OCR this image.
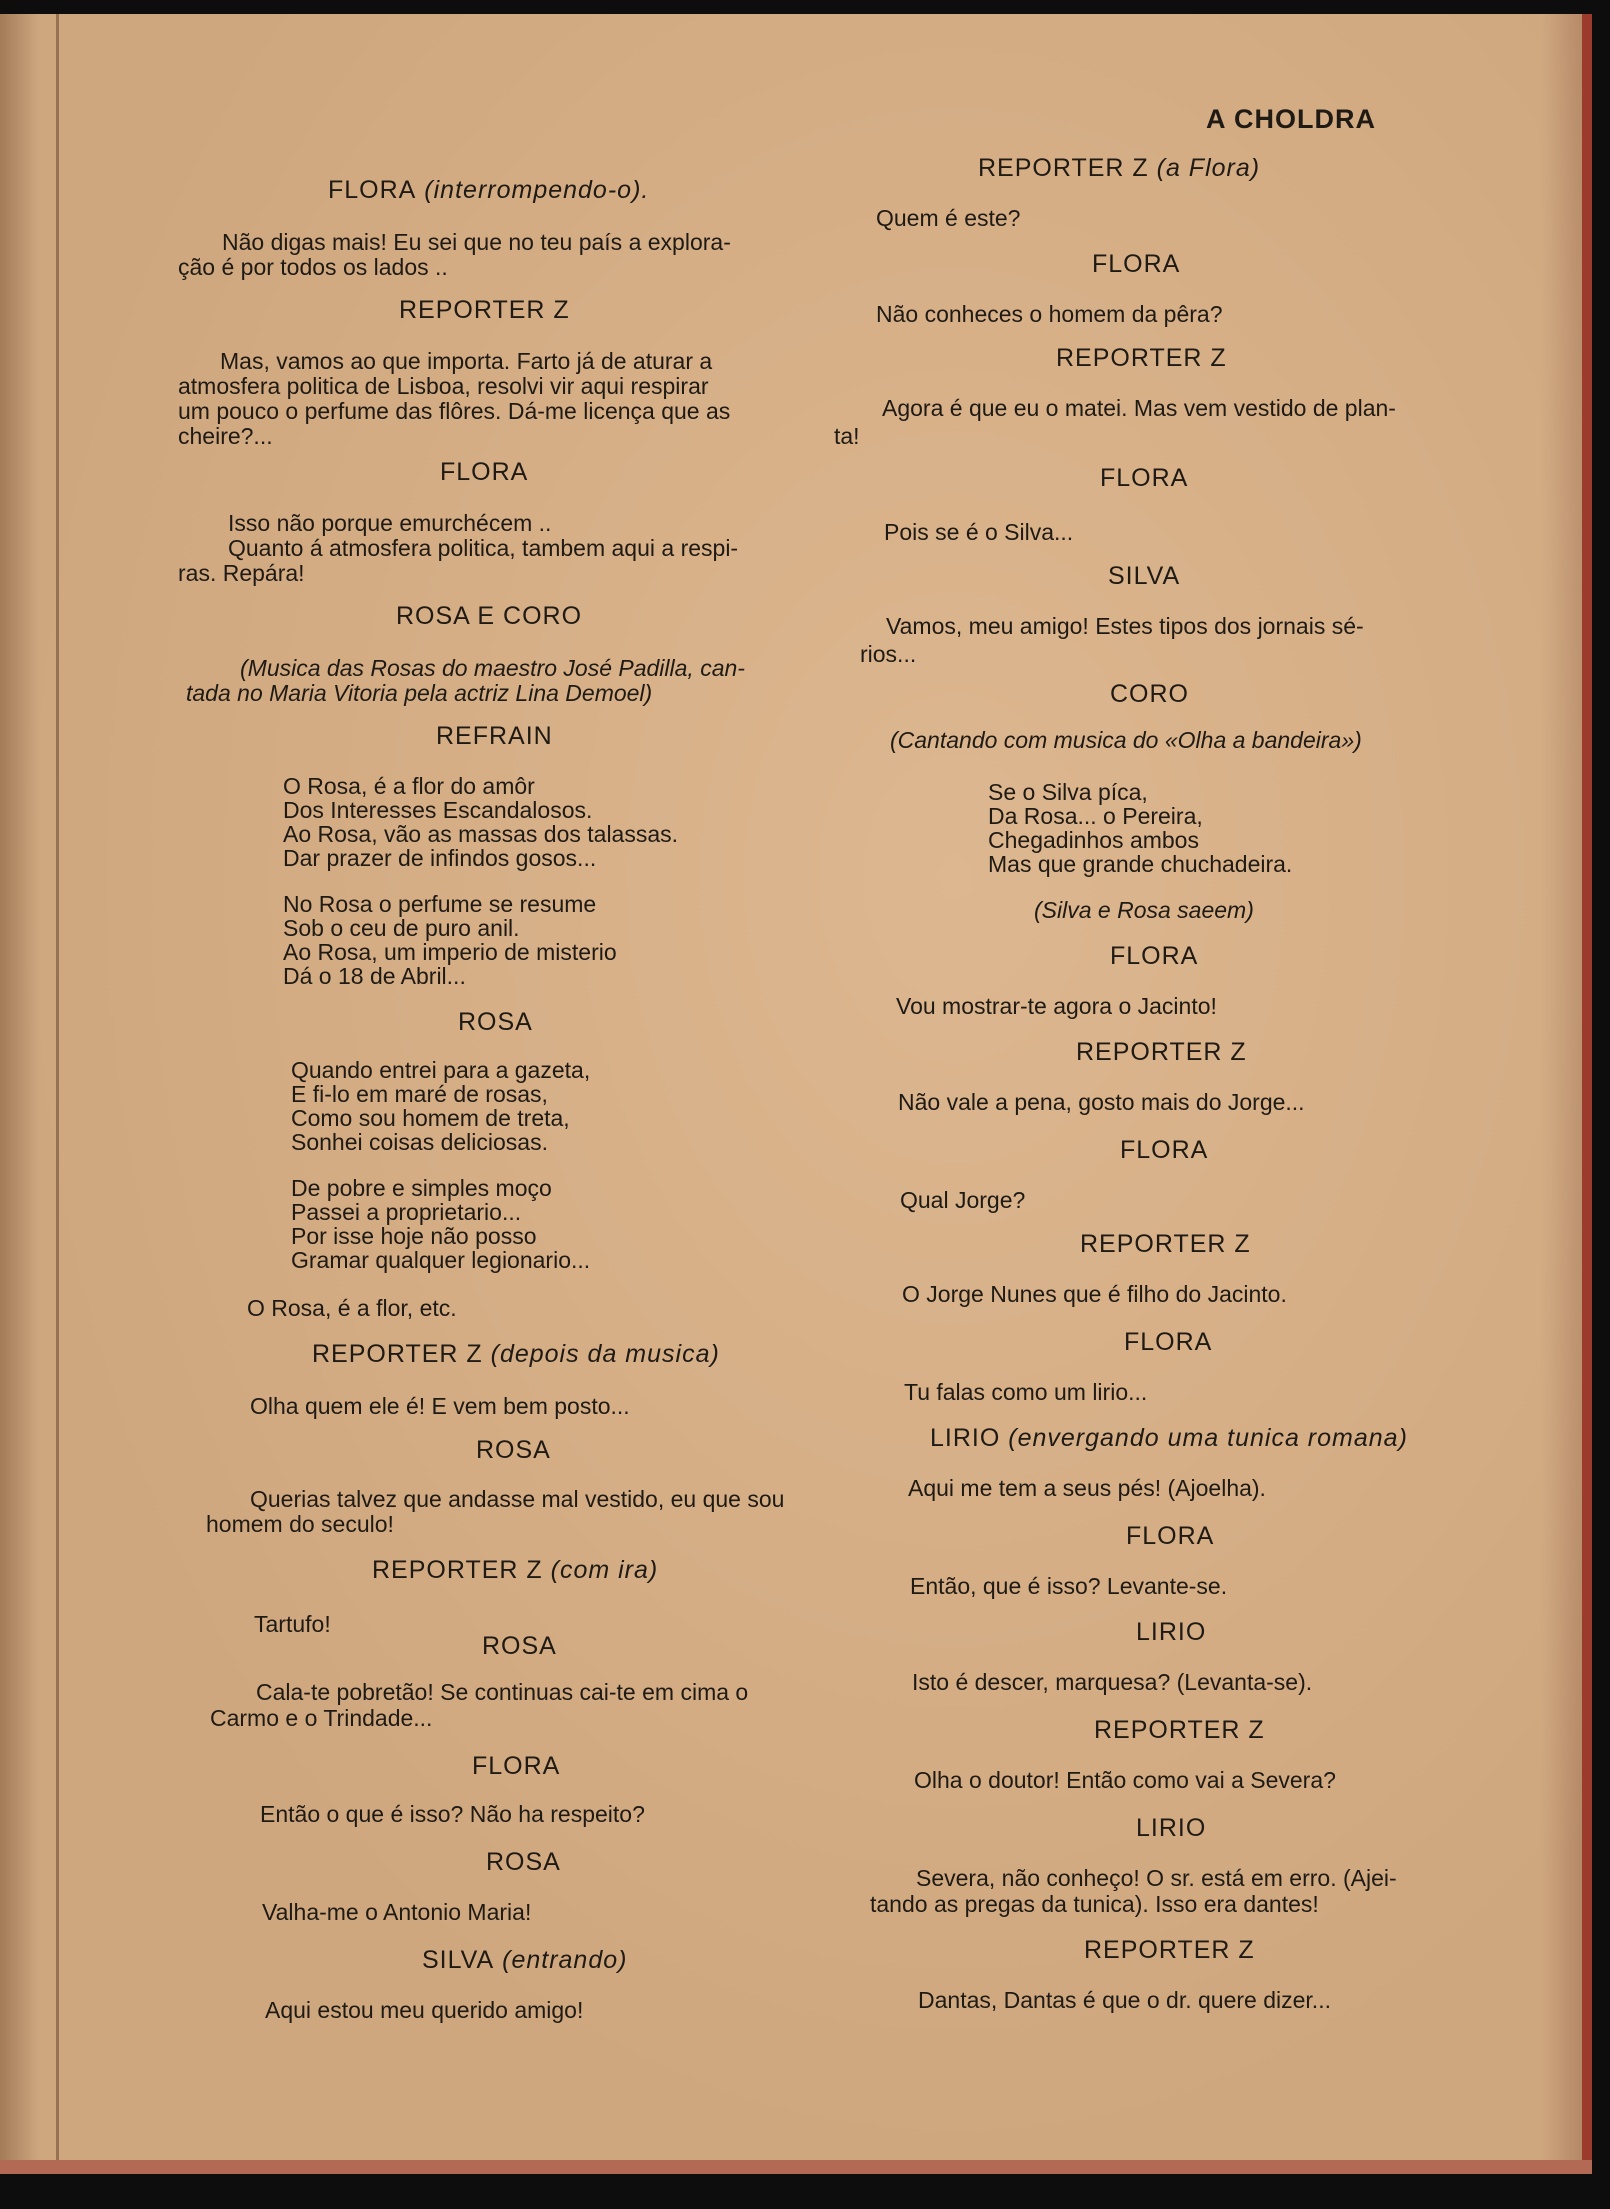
A CHOLDRA
FLORA (interrompendo-o).
Não digas mais! Eu sei que no teu país a explora-
ção é por todos os lados ..
REPORTER Z
Mas, vamos ao que importa. Farto já de aturar a
atmosfera politica de Lisboa, resolvi vir aqui respirar
um pouco o perfume das flôres. Dá-me licença que as
cheire?...
FLORA
Isso não porque emurchécem ..
Quanto á atmosfera politica, tambem aqui a respi-
ras. Repára!
ROSA E CORO
(Musica das Rosas do maestro José Padilla, can-
tada no Maria Vitoria pela actriz Lina Demoel)
REFRAIN
O Rosa, é a flor do amôr
Dos Interesses Escandalosos.
Ao Rosa, vão as massas dos talassas.
Dar prazer de infindos gosos...
No Rosa o perfume se resume
Sob o ceu de puro anil.
Ao Rosa, um imperio de misterio
Dá o 18 de Abril...
ROSA
Quando entrei para a gazeta,
E fi-lo em maré de rosas,
Como sou homem de treta,
Sonhei coisas deliciosas.
De pobre e simples moço
Passei a proprietario...
Por isse hoje não posso
Gramar qualquer legionario...
O Rosa, é a flor, etc.
REPORTER Z (depois da musica)
Olha quem ele é! E vem bem posto...
ROSA
Querias talvez que andasse mal vestido, eu que sou
homem do seculo!
REPORTER Z (com ira)
Tartufo!
ROSA
Cala-te pobretão! Se continuas cai-te em cima o
Carmo e o Trindade...
FLORA
Então o que é isso? Não ha respeito?
ROSA
Valha-me o Antonio Maria!
SILVA (entrando)
Aqui estou meu querido amigo!
REPORTER Z (a Flora)
Quem é este?
FLORA
Não conheces o homem da pêra?
REPORTER Z
Agora é que eu o matei. Mas vem vestido de plan-
ta!
FLORA
Pois se é o Silva...
SILVA
Vamos, meu amigo! Estes tipos dos jornais sé-
rios...
CORO
(Cantando com musica do «Olha a bandeira»)
Se o Silva píca,
Da Rosa... o Pereira,
Chegadinhos ambos
Mas que grande chuchadeira.
(Silva e Rosa saeem)
FLORA
Vou mostrar-te agora o Jacinto!
REPORTER Z
Não vale a pena, gosto mais do Jorge...
FLORA
Qual Jorge?
REPORTER Z
O Jorge Nunes que é filho do Jacinto.
FLORA
Tu falas como um lirio...
LIRIO (envergando uma tunica romana)
Aqui me tem a seus pés! (Ajoelha).
FLORA
Então, que é isso? Levante-se.
LIRIO
Isto é descer, marquesa? (Levanta-se).
REPORTER Z
Olha o doutor! Então como vai a Severa?
LIRIO
Severa, não conheço! O sr. está em erro. (Ajei-
tando as pregas da tunica). Isso era dantes!
REPORTER Z
Dantas, Dantas é que o dr. quere dizer...
